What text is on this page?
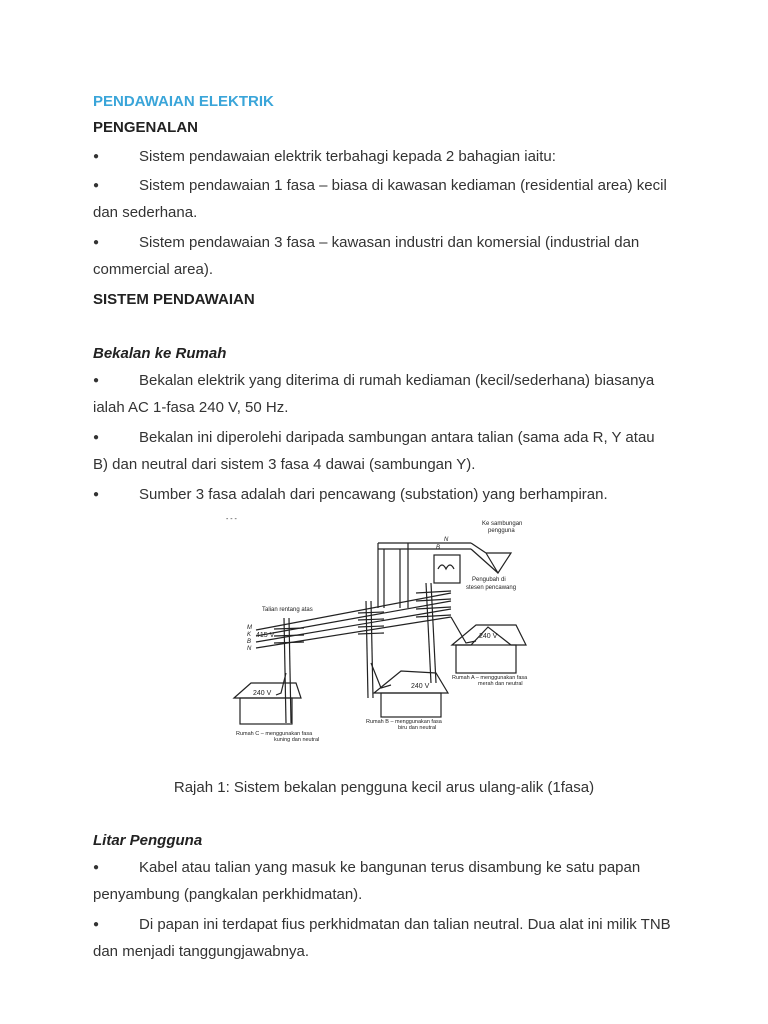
PENDAWAIAN ELEKTRIK
PENGENALAN
●	Sistem pendawaian elektrik terbahagi kepada 2 bahagian iaitu:
●	Sistem pendawaian 1 fasa – biasa di kawasan kediaman (residential area) kecil dan sederhana.
●	Sistem pendawaian 3 fasa – kawasan industri dan komersial (industrial dan commercial area).
SISTEM PENDAWAIAN
Bekalan ke Rumah
●	Bekalan elektrik yang diterima di rumah kediaman (kecil/sederhana) biasanya ialah AC 1-fasa 240 V, 50 Hz.
●	Bekalan ini diperolehi daripada sambungan antara talian (sama ada R, Y atau B) dan neutral dari sistem 3 fasa 4 dawai (sambungan Y).
●	Sumber 3 fasa adalah dari pencawang (substation) yang berhampiran.
- - -
Ke sambungan
pengguna
N
B
Pengubah di
stesen pencawang
Talian rentang atas
M
K
B
N
415 V	240 V
240 V
240 V
Rumah A – menggunakan fasa
merah dan neutral
Rumah B – menggunakan fasa
biru dan neutral
Rumah C – menggunakan fasa
kuning dan neutral
Rajah 1: Sistem bekalan pengguna kecil arus ulang-alik (1fasa)
Litar Pengguna
●	Kabel atau talian yang masuk ke bangunan terus disambung ke satu papan penyambung (pangkalan perkhidmatan).
●	Di papan ini terdapat fius perkhidmatan dan talian neutral. Dua alat ini milik TNB dan menjadi tanggungjawabnya.
